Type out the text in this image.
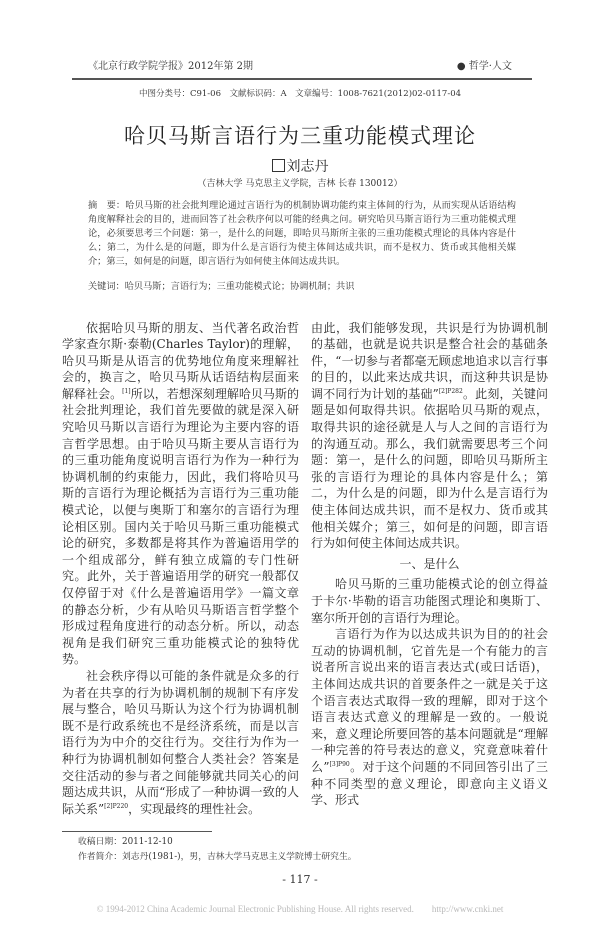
《北京行政学院学报》2012年第 2期	● 哲学·人文
中图分类号：C91-06　文献标识码：A　文章编号：1008-7621(2012)02-0117-04
哈贝马斯言语行为三重功能模式理论
刘志丹
（吉林大学 马克思主义学院，吉林 长春 130012）
摘　要：哈贝马斯的社会批判理论通过言语行为的机制协调功能约束主体间的行为，从而实现从话语结构角度解释社会的目的，进而回答了社会秩序何以可能的经典之问。研究哈贝马斯言语行为三重功能模式理论，必须要思考三个问题：第一，是什么的问题，即哈贝马斯所主张的三重功能模式理论的具体内容是什么；第二，为什么是的问题，即为什么是言语行为使主体间达成共识，而不是权力、货币或其他相关媒介；第三，如何是的问题，即言语行为如何使主体间达成共识。
关键词：哈贝马斯；言语行为；三重功能模式论；协调机制；共识

依据哈贝马斯的朋友、当代著名政治哲学家查尔斯·泰勒(Charles Taylor)的理解，哈贝马斯是从语言的优势地位角度来理解社会的，换言之，哈贝马斯从话语结构层面来解释社会。[1]所以，若想深刻理解哈贝马斯的社会批判理论，我们首先要做的就是深入研究哈贝马斯以言语行为理论为主要内容的语言哲学思想。由于哈贝马斯主要从言语行为的三重功能角度说明言语行为作为一种行为协调机制的约束能力，因此，我们将哈贝马斯的言语行为理论概括为言语行为三重功能模式论，以便与奥斯丁和塞尔的言语行为理论相区别。国内关于哈贝马斯三重功能模式论的研究，多数都是将其作为普遍语用学的一个组成部分，鲜有独立成篇的专门性研究。此外，关于普遍语用学的研究一般都仅仅停留于对《什么是普遍语用学》一篇文章的静态分析，少有从哈贝马斯语言哲学整个形成过程角度进行的动态分析。所以，动态视角是我们研究三重功能模式论的独特优势。

社会秩序得以可能的条件就是众多的行为者在共享的行为协调机制的规制下有序发展与整合，哈贝马斯认为这个行为协调机制既不是行政系统也不是经济系统，而是以言语行为为中介的交往行为。交往行为作为一种行为协调机制如何整合人类社会？答案是交往活动的参与者之间能够就共同关心的问题达成共识，从而“形成了一种协调一致的人际关系”$^{[2]P220}$，实现最终的理性社会。

由此，我们能够发现，共识是行为协调机制的基础，也就是说共识是整合社会的基础条件，“一切参与者都毫无顾虑地追求以言行事的目的，以此来达成共识，而这种共识是协调不同行为计划的基础”$^{[2]P282}$。此刻，关键问题是如何取得共识。依据哈贝马斯的观点，取得共识的途径就是人与人之间的言语行为的沟通互动。那么，我们就需要思考三个问题：第一，是什么的问题，即哈贝马斯所主张的言语行为理论的具体内容是什么；第二，为什么是的问题，即为什么是言语行为使主体间达成共识，而不是权力、货币或其他相关媒介；第三，如何是的问题，即言语行为如何使主体间达成共识。

一、是什么

哈贝马斯的三重功能模式论的创立得益于卡尔·毕勒的语言功能图式理论和奥斯丁、塞尔所开创的言语行为理论。

言语行为作为以达成共识为目的的社会互动的协调机制，它首先是一个有能力的言说者所言说出来的语言表达式(或曰话语)，主体间达成共识的首要条件之一就是关于这个语言表达式取得一致的理解，即对于这个语言表达式意义的理解是一致的。一般说来，意义理论所要回答的基本问题就是“理解一种完善的符号表达的意义，究竟意味着什么”$^{[3]P90}$。对于这个问题的不同回答引出了三种不同类型的意义理论，即意向主义语义学、形式

收稿日期：2011-12-10
作者简介：刘志丹(1981-)，男，吉林大学马克思主义学院博士研究生。
- 117 -
© 1994-2012 China Academic Journal Electronic Publishing House. All rights reserved.　　http://www.cnki.net
